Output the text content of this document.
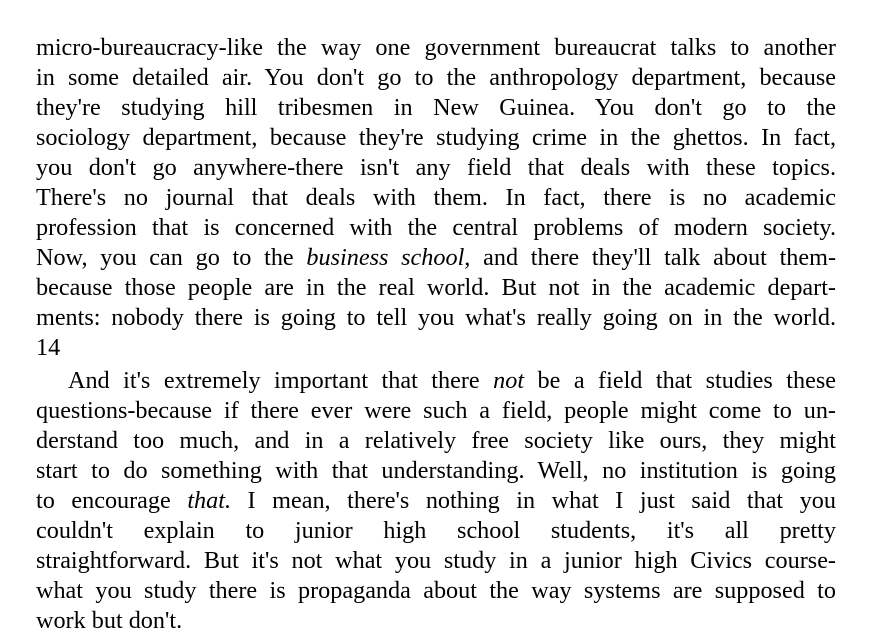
micro-bureaucracy-like the way one government bureaucrat talks to another
in some detailed air. You don't go to the anthropology department, because
they're studying hill tribesmen in New Guinea. You don't go to the
sociology department, because they're studying crime in the ghettos. In fact,
you don't go anywhere-there isn't any field that deals with these topics.
There's no journal that deals with them. In fact, there is no academic
profession that is concerned with the central problems of modern society.
Now, you can go to the business school, and there they'll talk about them-
because those people are in the real world. But not in the academic depart-
ments: nobody there is going to tell you what's really going on in the world.
14
And it's extremely important that there not be a field that studies these
questions-because if there ever were such a field, people might come to un-
derstand too much, and in a relatively free society like ours, they might
start to do something with that understanding. Well, no institution is going
to encourage that. I mean, there's nothing in what I just said that you
couldn't explain to junior high school students, it's all pretty
straightforward. But it's not what you study in a junior high Civics course-
what you study there is propaganda about the way systems are supposed to
work but don't.
